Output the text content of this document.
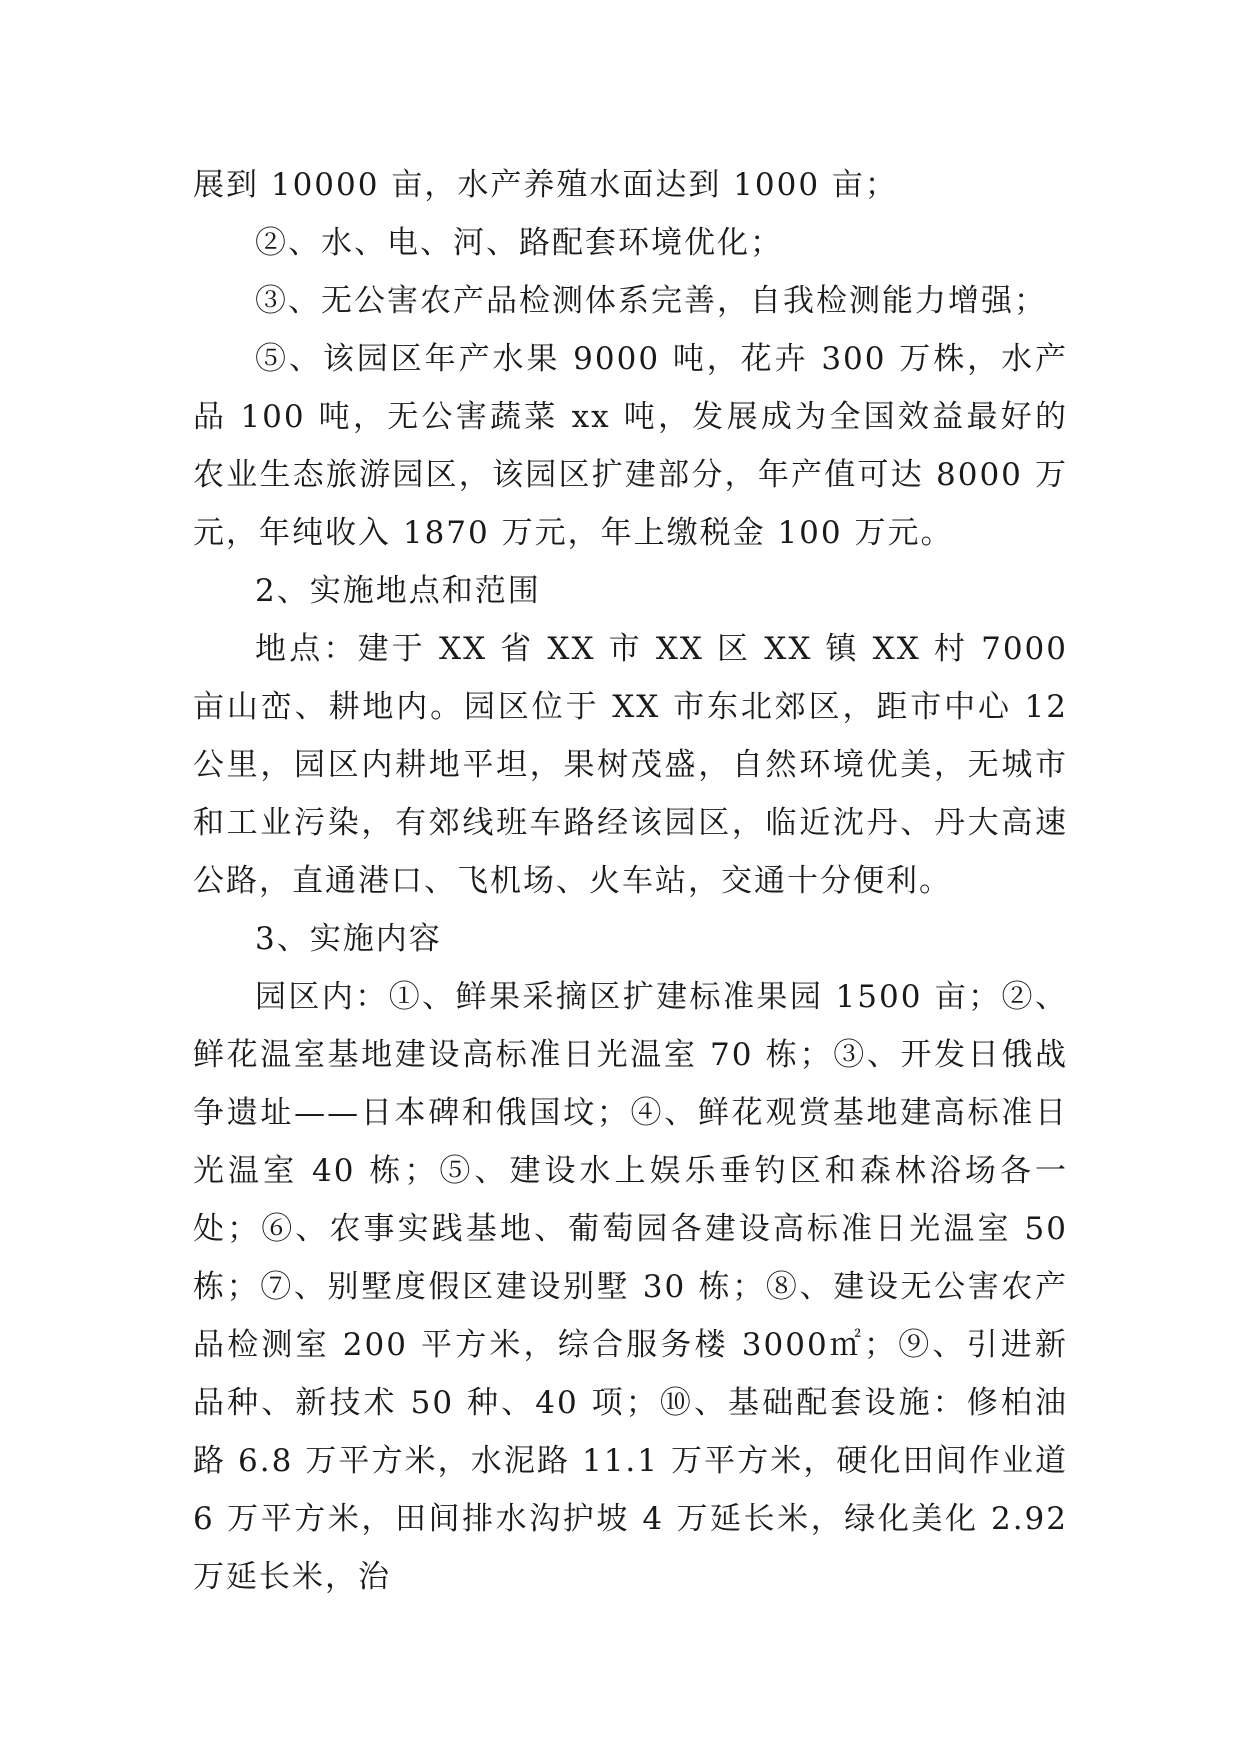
展到 10000 亩，水产养殖水面达到 1000 亩；

②、水、电、河、路配套环境优化；

③、无公害农产品检测体系完善，自我检测能力增强；

⑤、该园区年产水果 9000 吨，花卉 300 万株，水产品 100 吨，无公害蔬菜 xx 吨，发展成为全国效益最好的农业生态旅游园区，该园区扩建部分，年产值可达 8000 万元，年纯收入 1870 万元，年上缴税金 100 万元。

2、实施地点和范围

地点：建于 XX 省 XX 市 XX 区 XX 镇 XX 村 7000 亩山峦、耕地内。园区位于 XX 市东北郊区，距市中心 12 公里，园区内耕地平坦，果树茂盛，自然环境优美，无城市和工业污染，有郊线班车路经该园区，临近沈丹、丹大高速公路，直通港口、飞机场、火车站，交通十分便利。

3、实施内容

园区内：①、鲜果采摘区扩建标准果园 1500 亩；②、鲜花温室基地建设高标准日光温室 70 栋；③、开发日俄战争遗址——日本碑和俄国坟；④、鲜花观赏基地建高标准日光温室 40 栋；⑤、建设水上娱乐垂钓区和森林浴场各一处；⑥、农事实践基地、葡萄园各建设高标准日光温室 50 栋；⑦、别墅度假区建设别墅 30 栋；⑧、建设无公害农产品检测室 200 平方米，综合服务楼 3000㎡；⑨、引进新品种、新技术 50 种、40 项；⑩、基础配套设施：修柏油路 6.8 万平方米，水泥路 11.1 万平方米，硬化田间作业道 6 万平方米，田间排水沟护坡 4 万延长米，绿化美化 2.92 万延长米，治
